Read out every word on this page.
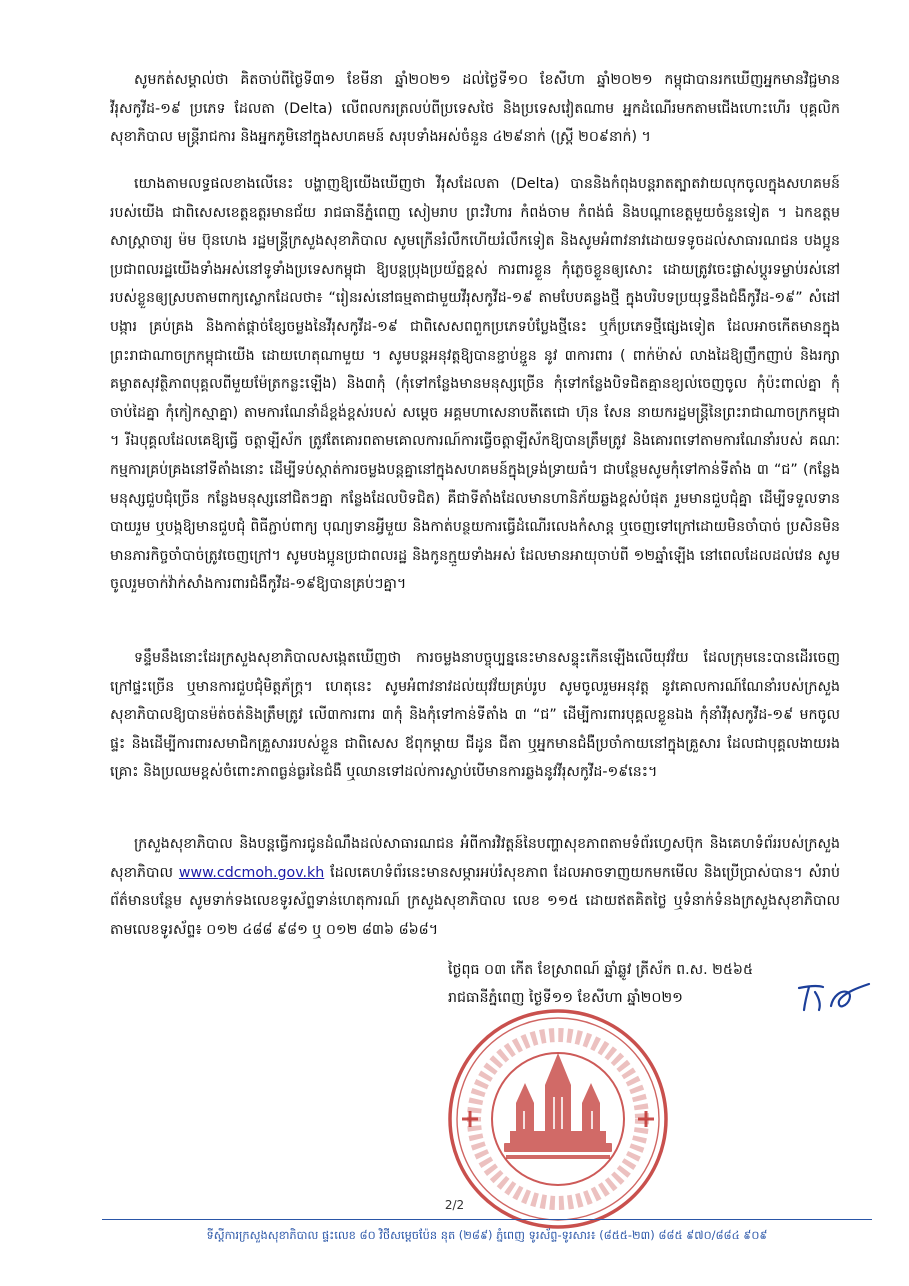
សូមកត់សម្គាល់ថា គិតចាប់ពីថ្ងៃទី៣១ ខែមីនា ឆ្នាំ២០២១ ដល់ថ្ងៃទី១០ ខែសីហា ឆ្នាំ២០២១ កម្ពុជាបានរកឃើញអ្នកមានវិជ្ជមានវីរុសកូវីដ-១៩ ប្រភេទ ដែលតា (Delta) លើពលករត្រលប់ពីប្រទេសថៃ និងប្រទេសវៀតណាម អ្នកដំណើរមកតាមជើងហោះហើរ បុគ្គលិកសុខាភិបាល មន្ត្រីរាជការ និងអ្នកភូមិនៅក្នុងសហគមន៍ សរុបទាំងអស់ចំនួន ៤២៩នាក់ (ស្ត្រី ២០៩នាក់) ។

យោងតាមលទ្ធផលខាងលើនេះ បង្ហាញឱ្យយើងឃើញថា វីរុសដែលតា (Delta) បាននិងកំពុងបន្តរាតត្បាតវាយលុកចូលក្នុងសហគមន៍របស់យើង ជាពិសេសខេត្តឧត្តរមានជ័យ រាជធានីភ្នំពេញ សៀមរាប ព្រះវិហារ កំពង់ចាម កំពង់ធំ និងបណ្ដាខេត្តមួយចំនួនទៀត ។ ឯកឧត្តមសាស្ត្រាចារ្យ ម៉ម ប៊ុនហេង រដ្ឋមន្ត្រីក្រសួងសុខាភិបាល សូមក្រើនរំលឹកហើយរំលឹកទៀត និងសូមអំពាវនាវដោយទទូចដល់សាធារណជន បងប្អូនប្រជាពលរដ្ឋយើងទាំងអស់នៅទូទាំងប្រទេសកម្ពុជា ឱ្យបន្តប្រុងប្រយ័ត្នខ្ពស់ ការពារខ្លួន កុំភ្លេចខ្លួនឲ្យសោះ ដោយត្រូវចេះផ្លាស់ប្តូរទម្លាប់រស់នៅរបស់ខ្លួនឲ្យស្របតាមពាក្យស្លោកដែលថា៖ “រៀនរស់នៅធម្មតាជាមួយវីរុសកូវីដ-១៩ តាមបែបគន្លងថ្មី ក្នុងបរិបទប្រយុទ្ធនឹងជំងឺកូវីដ-១៩” សំដៅបង្ការ គ្រប់គ្រង និងកាត់ផ្ដាច់ខ្សែចម្លងនៃវីរុសកូវីដ-១៩ ជាពិសេសពពួកប្រភេទបំប្លែងថ្មីនេះ ឬក៏ប្រភេទថ្មីផ្សេងទៀត ដែលអាចកើតមានក្នុងព្រះរាជាណាចក្រកម្ពុជាយើង ដោយហេតុណាមួយ ។ សូមបន្តអនុវត្តឱ្យបានខ្ជាប់ខ្ជួន នូវ ៣ការពារ ( ពាក់ម៉ាស់ លាងដៃឱ្យញឹកញាប់ និងរក្សាគម្លាតសុវត្ថិភាពបុគ្គលពីមួយម៉ែត្រកន្លះឡើង) និង៣កុំ (កុំទៅកន្លែងមានមនុស្សច្រើន កុំទៅកន្លែងបិទជិតគ្មានខ្យល់ចេញចូល កុំប៉ះពាល់គ្នា កុំចាប់ដៃគ្នា កុំកៀកស្មាគ្នា) តាមការណែនាំដ៏ខ្ពង់ខ្ពស់របស់ សម្ដេច អគ្គមហាសេនាបតីតេជោ ហ៊ុន សែន នាយករដ្ឋមន្ត្រីនៃព្រះរាជាណាចក្រកម្ពុជា ។ រីឯបុគ្គលដែលគេឱ្យធ្វើ ចត្តាឡីស័ក ត្រូវតែគោរពតាមគោលការណ៍ការធ្វើចត្តាឡីស័កឱ្យបានត្រឹមត្រូវ និងគោរពទៅតាមការណែនាំរបស់ គណៈ កម្មការគ្រប់គ្រងនៅទីតាំងនោះ ដើម្បីទប់ស្កាត់ការចម្លងបន្តគ្នានៅក្នុងសហគមន៍ក្នុងទ្រង់ទ្រាយធំ។ ជាបន្ថែមសូមកុំទៅកាន់ទីតាំង ៣ “ជ” (កន្លែងមនុស្សជួបជុំច្រើន កន្លែងមនុស្សនៅជិតៗគ្នា កន្លែងដែលបិទជិត) គឺជាទីតាំងដែលមានហានិភ័យឆ្លងខ្ពស់បំផុត រួមមានជួបជុំគ្នា ដើម្បីទទួលទានបាយរួម ឬបង្កឱ្យមានជួបជុំ ពិធីភ្ជាប់ពាក្យ បុណ្យទានអ្វីមួយ និងកាត់បន្ថយការធ្វើដំណើរលេងកំសាន្ត ឬចេញទៅក្រៅដោយមិនចាំបាច់ ប្រសិនមិនមានភារកិច្ចចាំបាច់ត្រូវចេញក្រៅ។ សូមបងប្អូនប្រជាពលរដ្ឋ និងកូនក្មួយទាំងអស់ ដែលមានអាយុចាប់ពី ១២ឆ្នាំឡើង នៅពេលដែលដល់វេន សូមចូលរួមចាក់វ៉ាក់សាំងការពារជំងឺកូវីដ-១៩ឱ្យបានគ្រប់ៗគ្នា។

ទន្ទឹមនឹងនោះដែរក្រសួងសុខាភិបាលសង្កេតឃើញថា ការចម្លងនាបច្ចុប្បន្ននេះមានសន្ទុះកើនឡើងលើយុវវ័យ ដែលក្រុមនេះបានដើរចេញក្រៅផ្ទះច្រើន ឬមានការជួបជុំមិត្តភ័ក្ត្រ។ ហេតុនេះ សូមអំពាវនាវដល់យុវវ័យគ្រប់រូប សូមចូលរួមអនុវត្ត នូវគោលការណ៍ណែនាំរបស់ក្រសួងសុខាភិបាលឱ្យបានម៉ត់ចត់និងត្រឹមត្រូវ លើ៣ការពារ ៣កុំ និងកុំទៅកាន់ទីតាំង ៣ “ជ” ដើម្បីការពារបុគ្គលខ្លួនឯង កុំនាំវីរុសកូវីដ-១៩ មកចូលផ្ទះ និងដើម្បីការពារសមាជិកគ្រួសាររបស់ខ្លួន ជាពិសេស ឪពុកម្ដាយ ជីដូន ជីតា ឬអ្នកមានជំងឺប្រចាំកាយនៅក្នុងគ្រួសារ ដែលជាបុគ្គលងាយរងគ្រោះ និងប្រឈមខ្ពស់ចំពោះភាពធ្ងន់ធ្ងរនៃជំងឺ ឬឈានទៅដល់ការស្លាប់បើមានការឆ្លងនូវវីរុសកូវីដ-១៩នេះ។

ក្រសួងសុខាភិបាល និងបន្តធ្វើការជូនដំណឹងដល់សាធារណជន អំពីការវិវត្តន៍នៃបញ្ហាសុខភាពតាមទំព័រហ្វេសប៊ុក និងគេហទំព័ររបស់ក្រសួងសុខាភិបាល www.cdcmoh.gov.kh ដែលគេហទំព័រនេះមានសម្ភារអប់រំសុខភាព ដែលអាចទាញយកមកមើល និងប្រើប្រាស់បាន។ សំរាប់ព័ត៌មានបន្ថែម សូមទាក់ទងលេខទូរស័ព្ទទាន់ហេតុការណ៍ ក្រសួងសុខាភិបាល លេខ ១១៥ ដោយឥតគិតថ្លៃ ឬទំនាក់ទំនងក្រសួងសុខាភិបាល តាមលេខទូរស័ព្ទ៖ ០១២ ៤៨៨ ៩៨១ ឬ ០១២ ៨៣៦ ៨៦៨។

ថ្ងៃពុធ ០៣ កើត ខែស្រាពណ៍ ឆ្នាំឆ្លូវ ត្រីស័ក ព.ស. ២៥៦៥
រាជធានីភ្នំពេញ ថ្ងៃទី១១ ខែសីហា ឆ្នាំ២០២១
2/2
ទីស្តីការក្រសួងសុខាភិបាល ផ្ទះលេខ ៨០ វិថីសម្ដេចប៉ែន នុត (២៨៩) ភ្នំពេញ ទូរស័ព្ទ-ទូរសារ៖ (៨៥៥-២៣) ៨៨៥ ៩៧០/៨៨៤ ៩០៩
